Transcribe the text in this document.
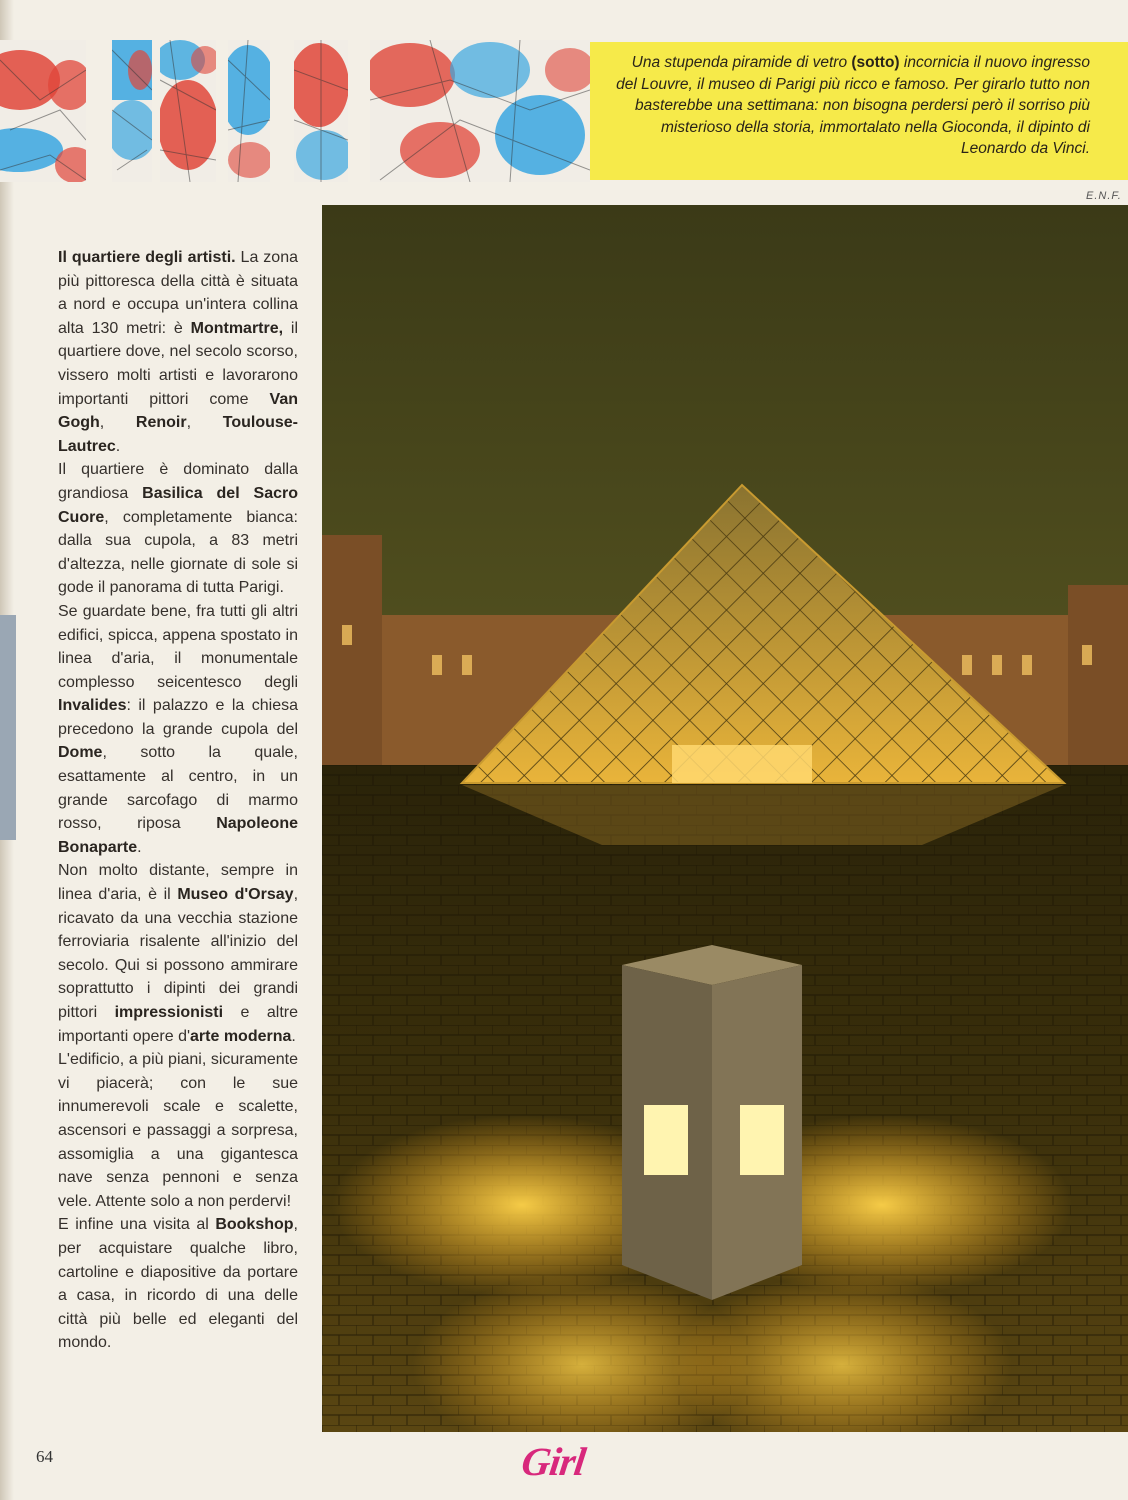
Una stupenda piramide di vetro (sotto) incornicia il nuovo ingresso del Louvre, il museo di Parigi più ricco e famoso. Per girarlo tutto non basterebbe una settimana: non bisogna perdersi però il sorriso più misterioso della storia, immortalato nella Gioconda, il dipinto di Leonardo da Vinci.

E.N.F.

Il quartiere degli artisti. La zona più pittoresca della città è situata a nord e occupa un'intera collina alta 130 metri: è Montmartre, il quartiere dove, nel secolo scorso, vissero molti artisti e lavorarono importanti pittori come Van Gogh, Renoir, Toulouse-Lautrec.

Il quartiere è dominato dalla grandiosa Basilica del Sacro Cuore, completamente bianca: dalla sua cupola, a 83 metri d'altezza, nelle giornate di sole si gode il panorama di tutta Parigi.

Se guardate bene, fra tutti gli altri edifici, spicca, appena spostato in linea d'aria, il monumentale complesso seicentesco degli Invalides: il palazzo e la chiesa precedono la grande cupola del Dome, sotto la quale, esattamente al centro, in un grande sarcofago di marmo rosso, riposa Napoleone Bonaparte.

Non molto distante, sempre in linea d'aria, è il Museo d'Orsay, ricavato da una vecchia stazione ferroviaria risalente all'inizio del secolo. Qui si possono ammirare soprattutto i dipinti dei grandi pittori impressionisti e altre importanti opere d'arte moderna.

L'edificio, a più piani, sicuramente vi piacerà; con le sue innumerevoli scale e scalette, ascensori e passaggi a sorpresa, assomiglia a una gigantesca nave senza pennoni e senza vele. Attente solo a non perdervi!

E infine una visita al Bookshop, per acquistare qualche libro, cartoline e diapositive da portare a casa, in ricordo di una delle città più belle ed eleganti del mondo.

64	Girl
